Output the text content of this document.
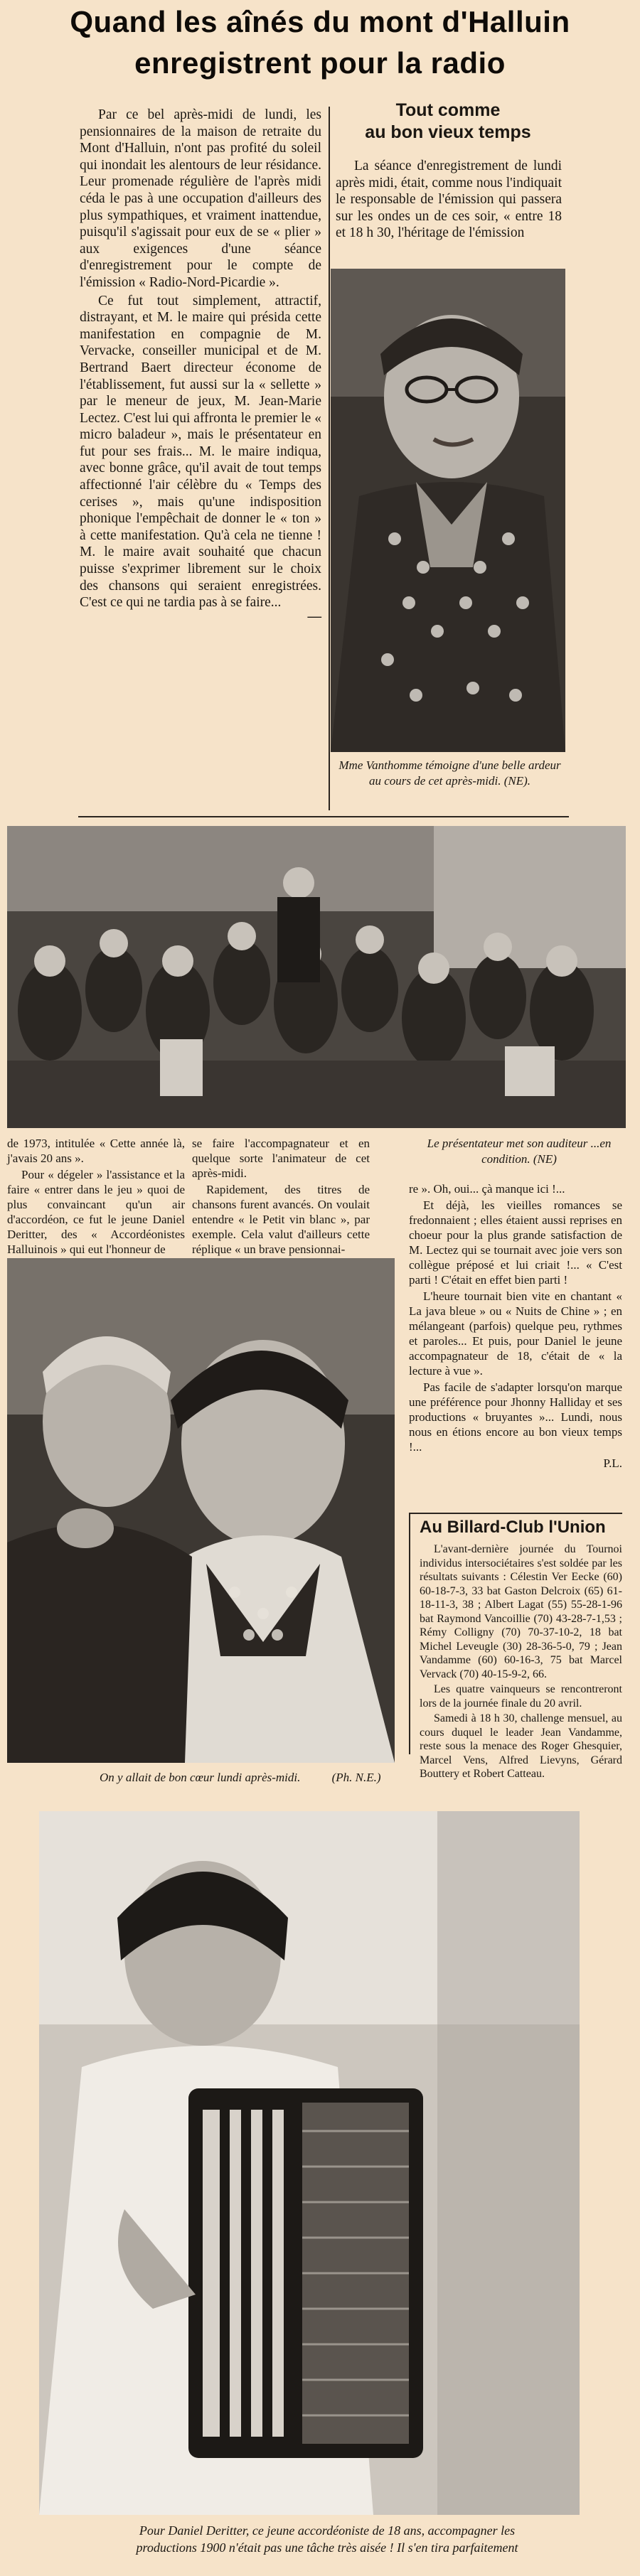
Quand les aînés du mont d'Halluin
enregistrent pour la radio

Par ce bel après-midi de lundi, les pensionnaires de la maison de retraite du Mont d'Halluin, n'ont pas profité du soleil qui inondait les alentours de leur résidance. Leur promenade régulière de l'après midi céda le pas à une occupation d'ailleurs des plus sympathiques, et vraiment inattendue, puisqu'il s'agissait pour eux de se « plier » aux exigences d'une séance d'enregistrement pour le compte de l'émission « Radio-Nord-Picardie ».

Ce fut tout simplement, attractif, distrayant, et M. le maire qui présida cette manifestation en compagnie de M. Vervacke, conseiller municipal et de M. Bertrand Baert directeur économe de l'établissement, fut aussi sur la « sellette » par le meneur de jeux, M. Jean-Marie Lectez. C'est lui qui affronta le premier le « micro baladeur », mais le présentateur en fut pour ses frais... M. le maire indiqua, avec bonne grâce, qu'il avait de tout temps affectionné l'air célèbre du « Temps des cerises », mais qu'une indisposition phonique l'empêchait de donner le « ton » à cette manifestation. Qu'à cela ne tienne ! M. le maire avait souhaité que chacun puisse s'exprimer librement sur le choix des chansons qui seraient enregistrées. C'est ce qui ne tardia pas à se faire...

—
Tout comme
au bon vieux temps

La séance d'enregistrement de lundi après midi, était, comme nous l'indiquait le responsable de l'émission qui passera sur les ondes un de ces soir, « entre 18 et 18 h 30, l'héritage de l'émission

Mme Vanthomme témoigne d'une belle ardeur au cours de cet après-midi. (NE).

de 1973, intitulée « Cette année là, j'avais 20 ans ».

Pour « dégeler » l'assistance et la faire « entrer dans le jeu » quoi de plus convaincant qu'un air d'accordéon, ce fut le jeune Daniel Deritter, des « Accordéonistes Halluinois » qui eut l'honneur de

se faire l'accompagnateur et en quelque sorte l'animateur de cet après-midi.

Rapidement, des titres de chansons furent avancés. On voulait entendre « le Petit vin blanc », par exemple. Cela valut d'ailleurs cette réplique « un brave pensionnai-

Le présentateur met son auditeur ...en condition. (NE)
On y allait de bon cœur lundi après-midi.	(Ph. N.E.)

re ». Oh, oui... çà manque ici !...

Et déjà, les vieilles romances se fredonnaient ; elles étaient aussi reprises en choeur pour la plus grande satisfaction de M. Lectez qui se tournait avec joie vers son collègue préposé et lui criait !... « C'est parti ! C'était en effet bien parti !

L'heure tournait bien vite en chantant « La java bleue » ou « Nuits de Chine » ; en mélangeant (parfois) quelque peu, rythmes et paroles... Et puis, pour Daniel le jeune accompagnateur de 18, c'était de « la lecture à vue ».

Pas facile de s'adapter lorsqu'on marque une préférence pour Jhonny Halliday et ses productions « bruyantes »... Lundi, nous nous en étions encore au bon vieux temps !...

P.L.
Au Billard-Club l'Union

L'avant-dernière journée du Tournoi individus intersociétaires s'est soldée par les résultats suivants : Célestin Ver Eecke (60) 60-18-7-3, 33 bat Gaston Delcroix (65) 61-18-11-3, 38 ; Albert Lagat (55) 55-28-1-96 bat Raymond Vancoillie (70) 43-28-7-1,53 ; Rémy Colligny (70) 70-37-10-2, 18 bat Michel Leveugle (30) 28-36-5-0, 79 ; Jean Vandamme (60) 60-16-3, 75 bat Marcel Vervack (70) 40-15-9-2, 66.

Les quatre vainqueurs se rencontreront lors de la journée finale du 20 avril.

Samedi à 18 h 30, challenge mensuel, au cours duquel le leader Jean Vandamme, reste sous la menace des Roger Ghesquier, Marcel Vens, Alfred Lievyns, Gérard Bouttery et Robert Catteau.

Pour Daniel Deritter, ce jeune accordéoniste de 18 ans, accompagner les
productions 1900 n'était pas une tâche très aisée ! Il s'en tira parfaitement
